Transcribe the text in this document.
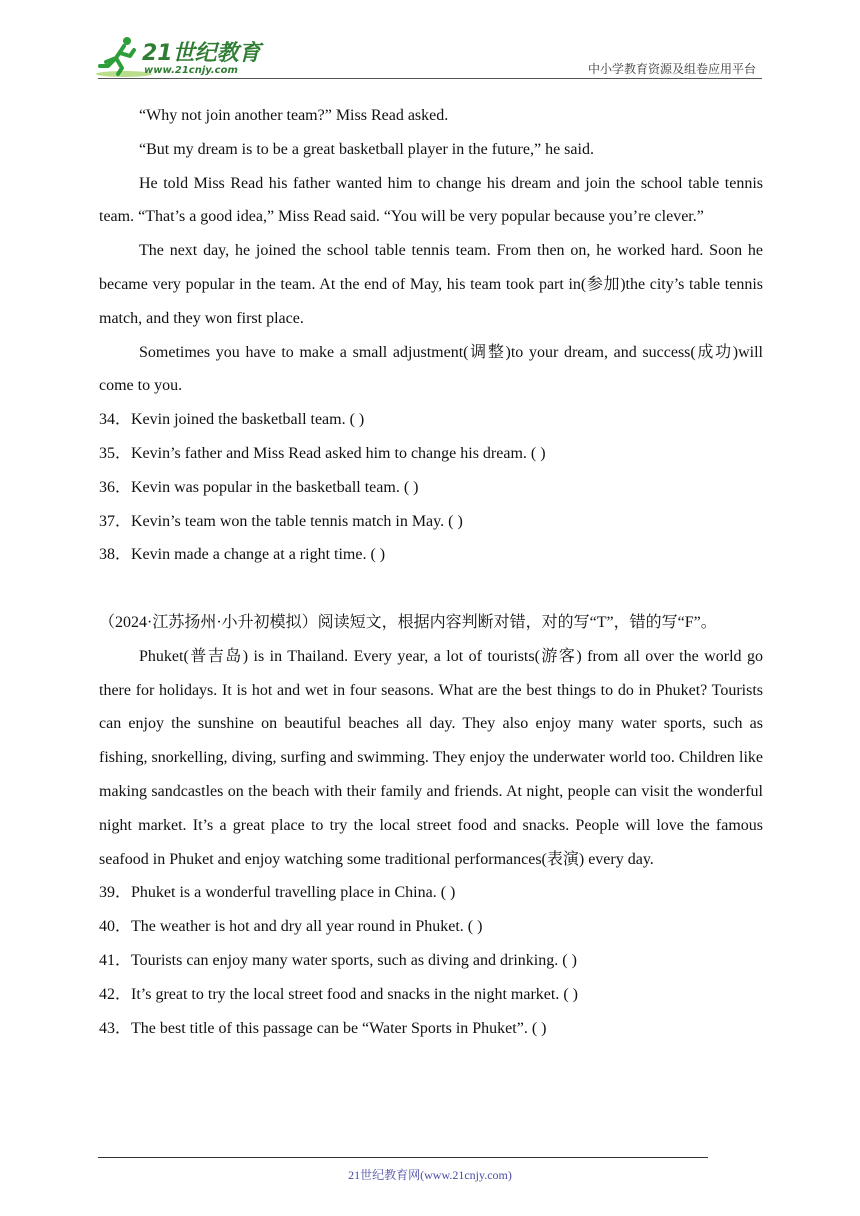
21世纪教育
www.21cnjy.com	中小学教育资源及组卷应用平台

“Why not join another team?” Miss Read asked.

“But my dream is to be a great basketball player in the future,” he said.

He told Miss Read his father wanted him to change his dream and join the school table tennis team. “That’s a good idea,” Miss Read said. “You will be very popular because you’re clever.”

The next day, he joined the school table tennis team. From then on, he worked hard. Soon he became very popular in the team. At the end of May, his team took part in(参加)the city’s table tennis match, and they won first place.

Sometimes you have to make a small adjustment(调整)to your dream, and success(成功)will come to you.

34．Kevin joined the basketball team. ( )

35．Kevin’s father and Miss Read asked him to change his dream. ( )

36．Kevin was popular in the basketball team. ( )

37．Kevin’s team won the table tennis match in May. ( )

38．Kevin made a change at a right time. ( )

（2024·江苏扬州·小升初模拟）阅读短文，根据内容判断对错，对的写“T”，错的写“F”。

Phuket(普吉岛) is in Thailand. Every year, a lot of tourists(游客) from all over the world go there for holidays. It is hot and wet in four seasons. What are the best things to do in Phuket? Tourists can enjoy the sunshine on beautiful beaches all day. They also enjoy many water sports, such as fishing, snorkelling, diving, surfing and swimming. They enjoy the underwater world too. Children like making sandcastles on the beach with their family and friends. At night, people can visit the wonderful night market. It’s a great place to try the local street food and snacks. People will love the famous seafood in Phuket and enjoy watching some traditional performances(表演) every day.

39．Phuket is a wonderful travelling place in China. ( )

40．The weather is hot and dry all year round in Phuket. ( )

41．Tourists can enjoy many water sports, such as diving and drinking. ( )

42．It’s great to try the local street food and snacks in the night market. ( )

43．The best title of this passage can be “Water Sports in Phuket”. ( )

21世纪教育网(www.21cnjy.com)
